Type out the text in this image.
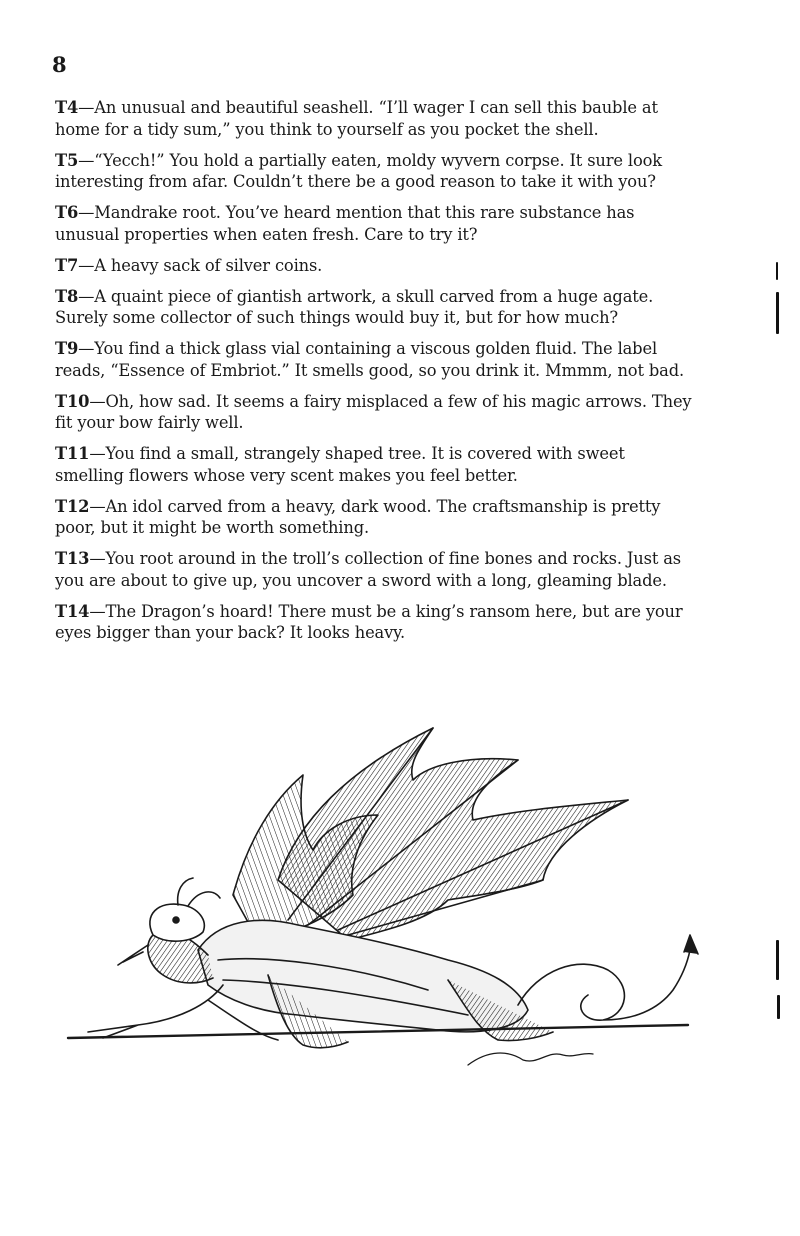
8

T4—An unusual and beautiful seashell. “I’ll wager I can sell this bauble at home for a tidy sum,” you think to yourself as you pocket the shell.

T5—“Yecch!” You hold a partially eaten, moldy wyvern corpse. It sure look interesting from afar. Couldn’t there be a good reason to take it with you?

T6—Mandrake root. You’ve heard mention that this rare substance has unusual properties when eaten fresh. Care to try it?

T7—A heavy sack of silver coins.

T8—A quaint piece of giantish artwork, a skull carved from a huge agate. Surely some collector of such things would buy it, but for how much?

T9—You find a thick glass vial containing a viscous golden fluid. The label reads, “Essence of Embriot.” It smells good, so you drink it. Mmmm, not bad.

T10—Oh, how sad. It seems a fairy misplaced a few of his magic arrows. They fit your bow fairly well.

T11—You find a small, strangely shaped tree. It is covered with sweet smelling flowers whose very scent makes you feel better.

T12—An idol carved from a heavy, dark wood. The craftsmanship is pretty poor, but it might be worth something.

T13—You root around in the troll’s collection of fine bones and rocks. Just as you are about to give up, you uncover a sword with a long, gleaming blade.

T14—The Dragon’s hoard! There must be a king’s ransom here, but are your eyes bigger than your back? It looks heavy.
